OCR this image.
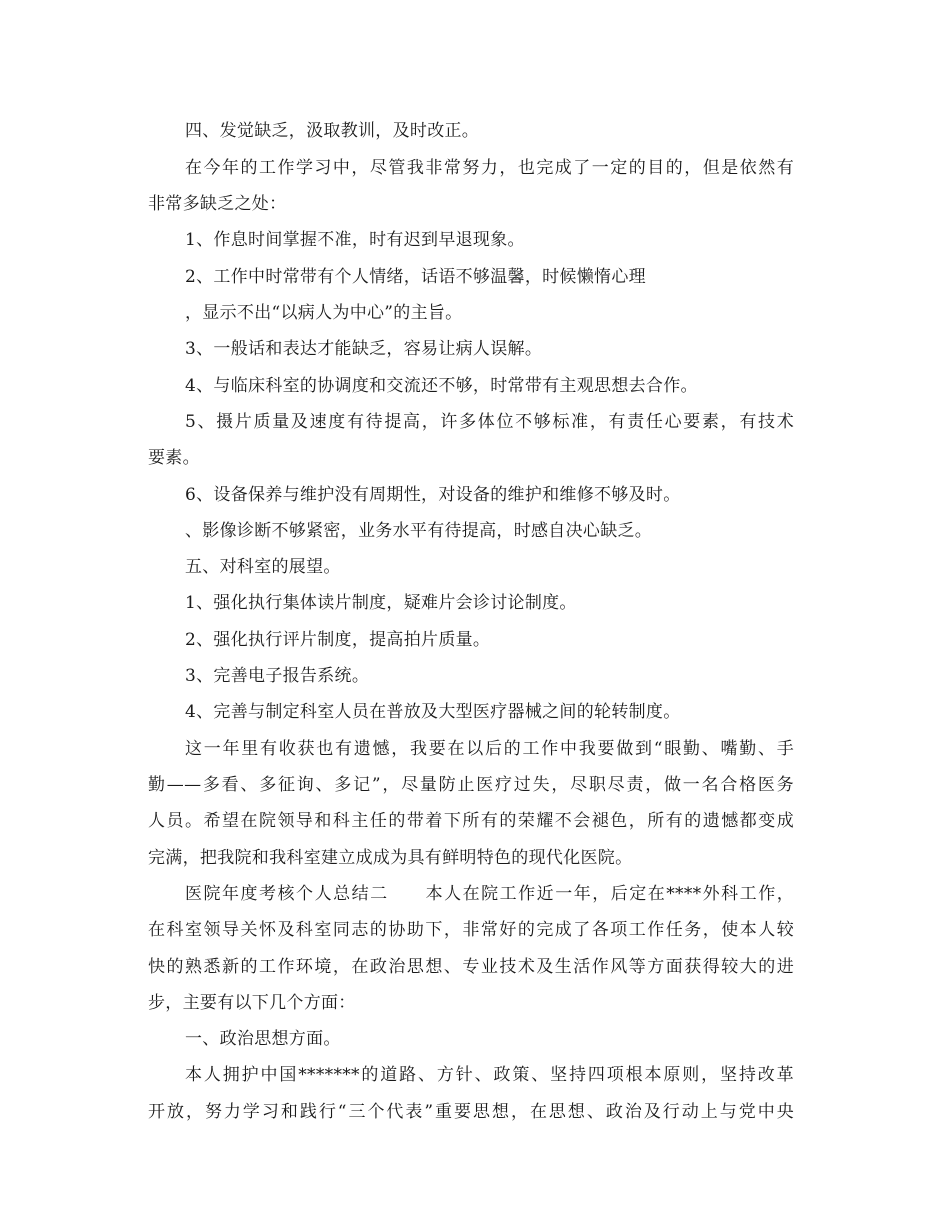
四、发觉缺乏，汲取教训，及时改正。
在今年的工作学习中，尽管我非常努力，也完成了一定的目的，但是依然有
非常多缺乏之处：
1、作息时间掌握不准，时有迟到早退现象。
2、工作中时常带有个人情绪，话语不够温馨，时候懒惰心理
，显示不出“以病人为中心”的主旨。
3、一般话和表达才能缺乏，容易让病人误解。
4、与临床科室的协调度和交流还不够，时常带有主观思想去合作。
5、摄片质量及速度有待提高，许多体位不够标准，有责任心要素，有技术
要素。
6、设备保养与维护没有周期性，对设备的维护和维修不够及时。
、影像诊断不够紧密，业务水平有待提高，时感自决心缺乏。
五、对科室的展望。
1、强化执行集体读片制度，疑难片会诊讨论制度。
2、强化执行评片制度，提高拍片质量。
3、完善电子报告系统。
4、完善与制定科室人员在普放及大型医疗器械之间的轮转制度。
这一年里有收获也有遗憾，我要在以后的工作中我要做到“眼勤、嘴勤、手
勤——多看、多征询、多记”，尽量防止医疗过失，尽职尽责，做一名合格医务
人员。希望在院领导和科主任的带着下所有的荣耀不会褪色，所有的遗憾都变成
完满，把我院和我科室建立成成为具有鲜明特色的现代化医院。
医院年度考核个人总结二　　本人在院工作近一年，后定在****外科工作，
在科室领导关怀及科室同志的协助下，非常好的完成了各项工作任务，使本人较
快的熟悉新的工作环境，在政治思想、专业技术及生活作风等方面获得较大的进
步，主要有以下几个方面：
一、政治思想方面。
本人拥护中国*******的道路、方针、政策、坚持四项根本原则，坚持改革
开放，努力学习和践行“三个代表”重要思想，在思想、政治及行动上与党中央
